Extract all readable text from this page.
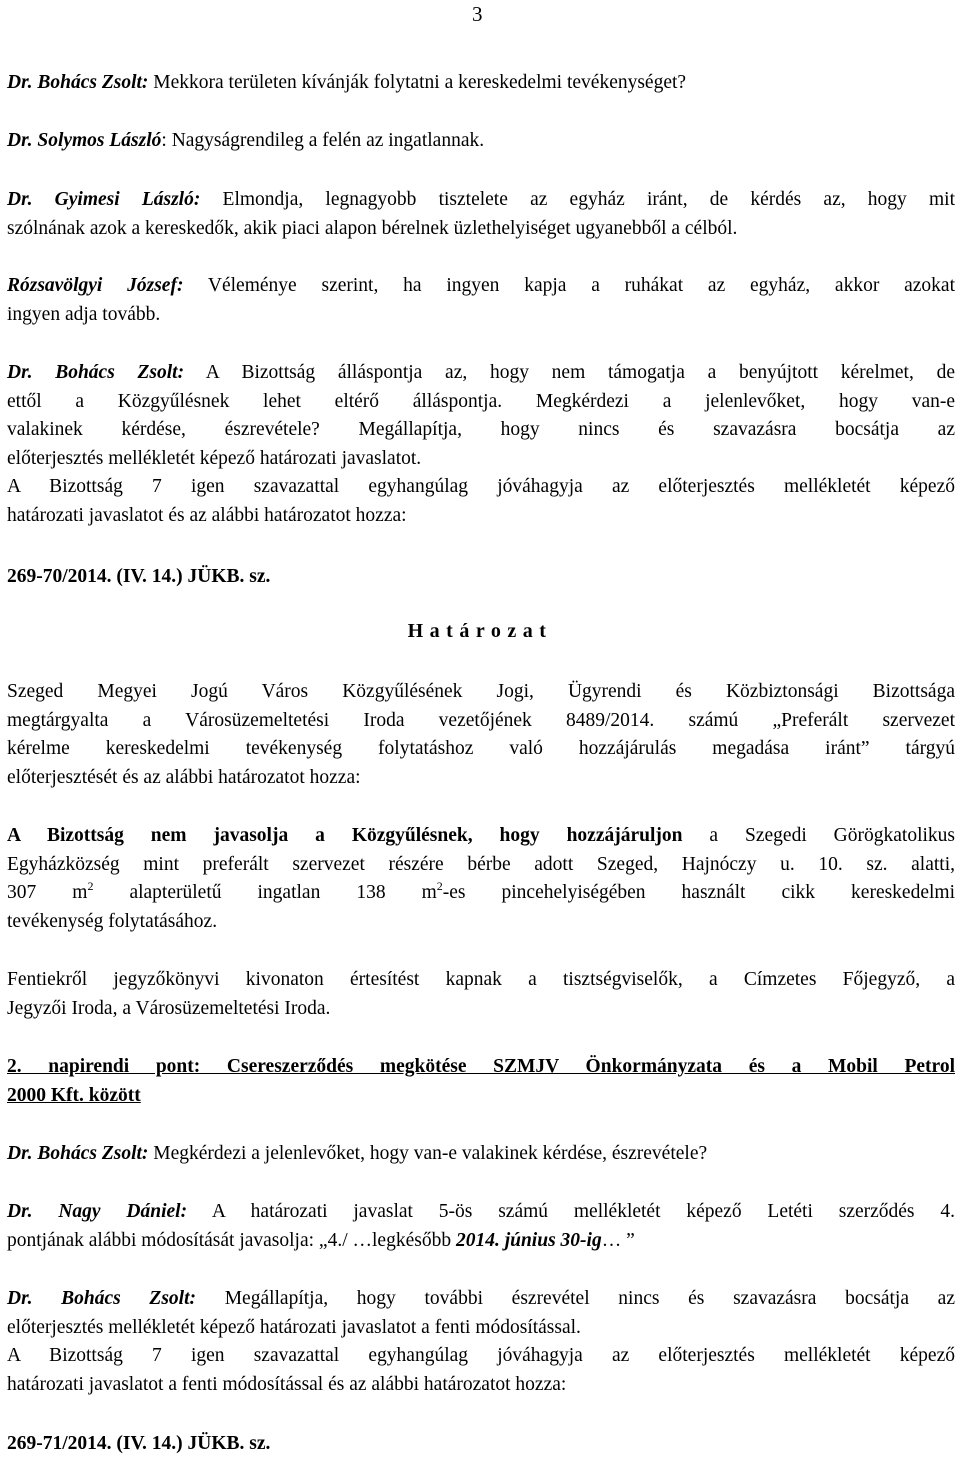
3
Dr. Bohács Zsolt: Mekkora területen kívánják folytatni a kereskedelmi tevékenységet?
Dr. Solymos László: Nagyságrendileg a felén az ingatlannak.
Dr. Gyimesi László: Elmondja, legnagyobb tisztelete az egyház iránt, de kérdés az, hogy mit
szólnának azok a kereskedők, akik piaci alapon bérelnek üzlethelyiséget ugyanebből a célból.
Rózsavölgyi József: Véleménye szerint, ha ingyen kapja a ruhákat az egyház, akkor azokat
ingyen adja tovább.
Dr. Bohács Zsolt: A Bizottság álláspontja az, hogy nem támogatja a benyújtott kérelmet, de
ettől a Közgyűlésnek lehet eltérő álláspontja. Megkérdezi a jelenlevőket, hogy van-e
valakinek kérdése, észrevétele? Megállapítja, hogy nincs és szavazásra bocsátja az
előterjesztés mellékletét képező határozati javaslatot.
A Bizottság 7 igen szavazattal egyhangúlag jóváhagyja az előterjesztés mellékletét képező
határozati javaslatot és az alábbi határozatot hozza:
269-70/2014. (IV. 14.) JÜKB. sz.
Határozat
Szeged Megyei Jogú Város Közgyűlésének Jogi, Ügyrendi és Közbiztonsági Bizottsága
megtárgyalta a Városüzemeltetési Iroda vezetőjének 8489/2014. számú „Preferált szervezet
kérelme kereskedelmi tevékenység folytatáshoz való hozzájárulás megadása iránt” tárgyú
előterjesztését és az alábbi határozatot hozza:
A Bizottság nem javasolja a Közgyűlésnek, hogy hozzájáruljon a Szegedi Görögkatolikus
Egyházközség mint preferált szervezet részére bérbe adott Szeged, Hajnóczy u. 10. sz. alatti,
307 $m^2$ alapterületű ingatlan 138 $m^2-es$ pincehelyiségében használt cikk kereskedelmi
tevékenység folytatásához.
Fentiekről jegyzőkönyvi kivonaton értesítést kapnak a tisztségviselők, a Címzetes Főjegyző, a
Jegyzői Iroda, a Városüzemeltetési Iroda.
2. napirendi pont: Csereszerződés megkötése SZMJV Önkormányzata és a Mobil Petrol
2000 Kft. között
Dr. Bohács Zsolt: Megkérdezi a jelenlevőket, hogy van-e valakinek kérdése, észrevétele?
Dr. Nagy Dániel: A határozati javaslat 5-ös számú mellékletét képező Letéti szerződés 4.
pontjának alábbi módosítását javasolja: „4./ …legkésőbb 2014. június 30-ig… ”
Dr. Bohács Zsolt: Megállapítja, hogy további észrevétel nincs és szavazásra bocsátja az
előterjesztés mellékletét képező határozati javaslatot a fenti módosítással.
A Bizottság 7 igen szavazattal egyhangúlag jóváhagyja az előterjesztés mellékletét képező
határozati javaslatot a fenti módosítással és az alábbi határozatot hozza:
269-71/2014. (IV. 14.) JÜKB. sz.
